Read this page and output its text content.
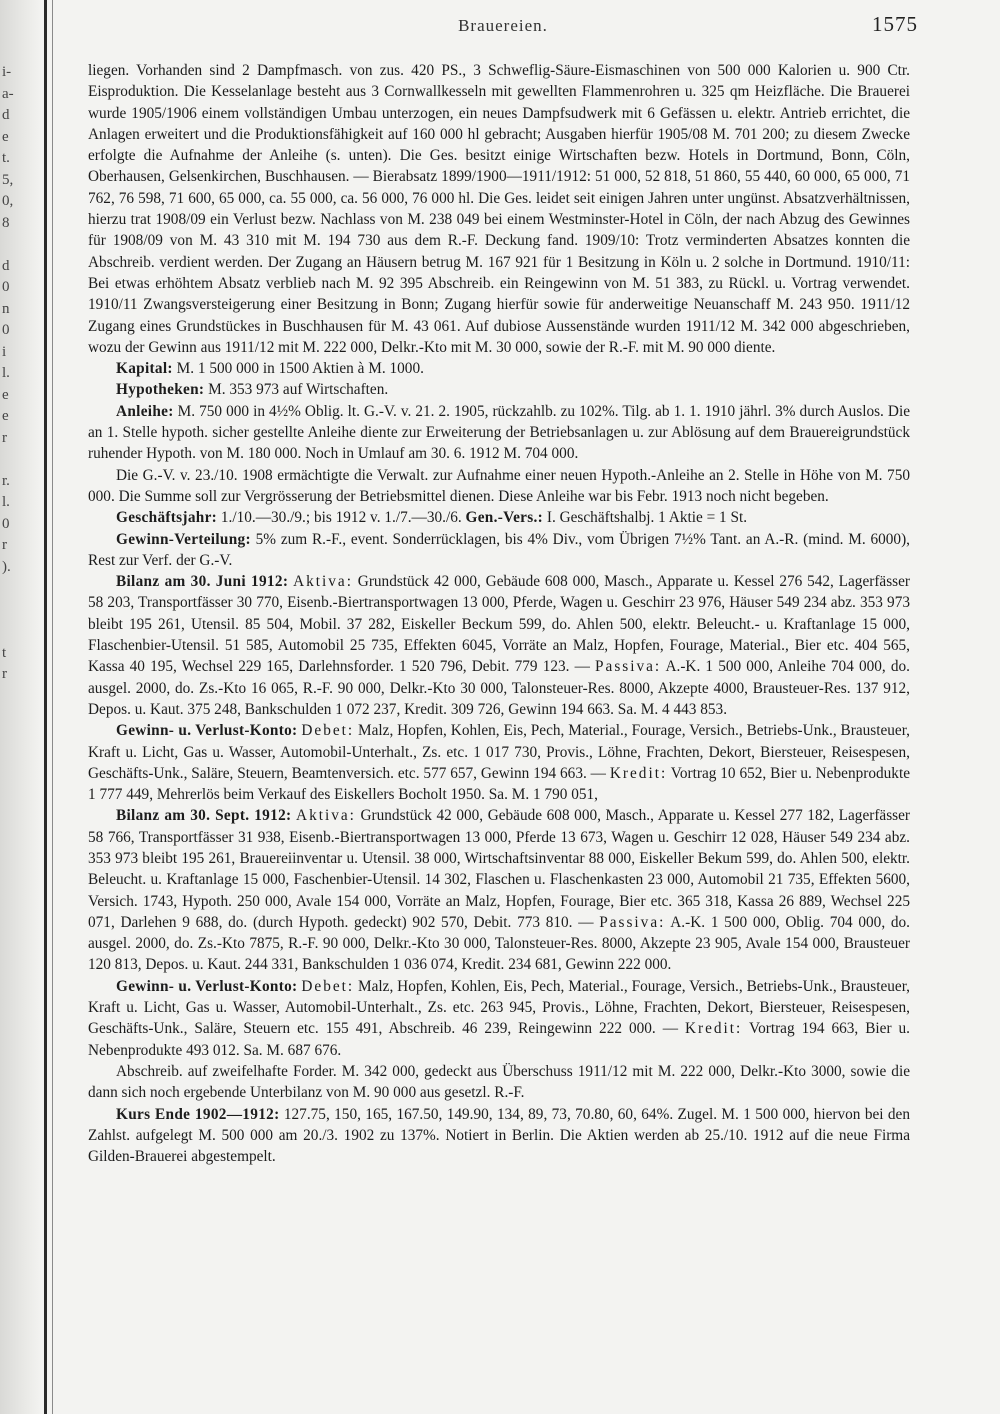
i-
a-
d
e
t.
5,
0,
8
d
0
n
0
i
l.
e
e
r
r.
l.
0
r
).
t
r
Brauereien.	1575

liegen. Vorhanden sind 2 Dampfmasch. von zus. 420 PS., 3 Schweflig-Säure-Eismaschinen von 500 000 Kalorien u. 900 Ctr. Eisproduktion. Die Kesselanlage besteht aus 3 Cornwallkesseln mit gewellten Flammenrohren u. 325 qm Heizfläche. Die Brauerei wurde 1905/1906 einem vollständigen Umbau unterzogen, ein neues Dampfsudwerk mit 6 Gefässen u. elektr. Antrieb errichtet, die Anlagen erweitert und die Produktionsfähigkeit auf 160 000 hl gebracht; Ausgaben hierfür 1905/08 M. 701 200; zu diesem Zwecke erfolgte die Aufnahme der Anleihe (s. unten). Die Ges. besitzt einige Wirtschaften bezw. Hotels in Dortmund, Bonn, Cöln, Oberhausen, Gelsenkirchen, Buschhausen. — Bierabsatz 1899/1900—1911/1912: 51 000, 52 818, 51 860, 55 440, 60 000, 65 000, 71 762, 76 598, 71 600, 65 000, ca. 55 000, ca. 56 000, 76 000 hl. Die Ges. leidet seit einigen Jahren unter ungünst. Absatzverhältnissen, hierzu trat 1908/09 ein Verlust bezw. Nachlass von M. 238 049 bei einem Westminster-Hotel in Cöln, der nach Abzug des Gewinnes für 1908/09 von M. 43 310 mit M. 194 730 aus dem R.-F. Deckung fand. 1909/10: Trotz verminderten Absatzes konnten die Abschreib. verdient werden. Der Zugang an Häusern betrug M. 167 921 für 1 Besitzung in Köln u. 2 solche in Dortmund. 1910/11: Bei etwas erhöhtem Absatz verblieb nach M. 92 395 Abschreib. ein Reingewinn von M. 51 383, zu Rückl. u. Vortrag verwendet. 1910/11 Zwangsversteigerung einer Besitzung in Bonn; Zugang hierfür sowie für anderweitige Neuanschaff M. 243 950. 1911/12 Zugang eines Grundstückes in Buschhausen für M. 43 061. Auf dubiose Aussenstände wurden 1911/12 M. 342 000 abgeschrieben, wozu der Gewinn aus 1911/12 mit M. 222 000, Delkr.-Kto mit M. 30 000, sowie der R.-F. mit M. 90 000 diente.

Kapital: M. 1 500 000 in 1500 Aktien à M. 1000.

Hypotheken: M. 353 973 auf Wirtschaften.

Anleihe: M. 750 000 in 4½% Oblig. lt. G.-V. v. 21. 2. 1905, rückzahlb. zu 102%. Tilg. ab 1. 1. 1910 jährl. 3% durch Auslos. Die an 1. Stelle hypoth. sicher gestellte Anleihe diente zur Erweiterung der Betriebsanlagen u. zur Ablösung auf dem Brauereigrundstück ruhender Hypoth. von M. 180 000. Noch in Umlauf am 30. 6. 1912 M. 704 000.

Die G.-V. v. 23./10. 1908 ermächtigte die Verwalt. zur Aufnahme einer neuen Hypoth.-Anleihe an 2. Stelle in Höhe von M. 750 000. Die Summe soll zur Vergrösserung der Betriebsmittel dienen. Diese Anleihe war bis Febr. 1913 noch nicht begeben.

Geschäftsjahr: 1./10.—30./9.; bis 1912 v. 1./7.—30./6. Gen.-Vers.: I. Geschäftshalbj. 1 Aktie = 1 St.

Gewinn-Verteilung: 5% zum R.-F., event. Sonderrücklagen, bis 4% Div., vom Übrigen 7½% Tant. an A.-R. (mind. M. 6000), Rest zur Verf. der G.-V.

Bilanz am 30. Juni 1912: Aktiva: Grundstück 42 000, Gebäude 608 000, Masch., Apparate u. Kessel 276 542, Lagerfässer 58 203, Transportfässer 30 770, Eisenb.-Biertransportwagen 13 000, Pferde, Wagen u. Geschirr 23 976, Häuser 549 234 abz. 353 973 bleibt 195 261, Utensil. 85 504, Mobil. 37 282, Eiskeller Beckum 599, do. Ahlen 500, elektr. Beleucht.- u. Kraftanlage 15 000, Flaschenbier-Utensil. 51 585, Automobil 25 735, Effekten 6045, Vorräte an Malz, Hopfen, Fourage, Material., Bier etc. 404 565, Kassa 40 195, Wechsel 229 165, Darlehnsforder. 1 520 796, Debit. 779 123. — Passiva: A.-K. 1 500 000, Anleihe 704 000, do. ausgel. 2000, do. Zs.-Kto 16 065, R.-F. 90 000, Delkr.-Kto 30 000, Talonsteuer-Res. 8000, Akzepte 4000, Brausteuer-Res. 137 912, Depos. u. Kaut. 375 248, Bankschulden 1 072 237, Kredit. 309 726, Gewinn 194 663. Sa. M. 4 443 853.

Gewinn- u. Verlust-Konto: Debet: Malz, Hopfen, Kohlen, Eis, Pech, Material., Fourage, Versich., Betriebs-Unk., Brausteuer, Kraft u. Licht, Gas u. Wasser, Automobil-Unterhalt., Zs. etc. 1 017 730, Provis., Löhne, Frachten, Dekort, Biersteuer, Reisespesen, Geschäfts-Unk., Saläre, Steuern, Beamtenversich. etc. 577 657, Gewinn 194 663. — Kredit: Vortrag 10 652, Bier u. Nebenprodukte 1 777 449, Mehrerlös beim Verkauf des Eiskellers Bocholt 1950. Sa. M. 1 790 051,

Bilanz am 30. Sept. 1912: Aktiva: Grundstück 42 000, Gebäude 608 000, Masch., Apparate u. Kessel 277 182, Lagerfässer 58 766, Transportfässer 31 938, Eisenb.-Biertransportwagen 13 000, Pferde 13 673, Wagen u. Geschirr 12 028, Häuser 549 234 abz. 353 973 bleibt 195 261, Brauereiinventar u. Utensil. 38 000, Wirtschaftsinventar 88 000, Eiskeller Bekum 599, do. Ahlen 500, elektr. Beleucht. u. Kraftanlage 15 000, Faschenbier-Utensil. 14 302, Flaschen u. Flaschenkasten 23 000, Automobil 21 735, Effekten 5600, Versich. 1743, Hypoth. 250 000, Avale 154 000, Vorräte an Malz, Hopfen, Fourage, Bier etc. 365 318, Kassa 26 889, Wechsel 225 071, Darlehen 9 688, do. (durch Hypoth. gedeckt) 902 570, Debit. 773 810. — Passiva: A.-K. 1 500 000, Oblig. 704 000, do. ausgel. 2000, do. Zs.-Kto 7875, R.-F. 90 000, Delkr.-Kto 30 000, Talonsteuer-Res. 8000, Akzepte 23 905, Avale 154 000, Brausteuer 120 813, Depos. u. Kaut. 244 331, Bankschulden 1 036 074, Kredit. 234 681, Gewinn 222 000.

Gewinn- u. Verlust-Konto: Debet: Malz, Hopfen, Kohlen, Eis, Pech, Material., Fourage, Versich., Betriebs-Unk., Brausteuer, Kraft u. Licht, Gas u. Wasser, Automobil-Unterhalt., Zs. etc. 263 945, Provis., Löhne, Frachten, Dekort, Biersteuer, Reisespesen, Geschäfts-Unk., Saläre, Steuern etc. 155 491, Abschreib. 46 239, Reingewinn 222 000. — Kredit: Vortrag 194 663, Bier u. Nebenprodukte 493 012. Sa. M. 687 676.

Abschreib. auf zweifelhafte Forder. M. 342 000, gedeckt aus Überschuss 1911/12 mit M. 222 000, Delkr.-Kto 3000, sowie die dann sich noch ergebende Unterbilanz von M. 90 000 aus gesetzl. R.-F.

Kurs Ende 1902—1912: 127.75, 150, 165, 167.50, 149.90, 134, 89, 73, 70.80, 60, 64%. Zugel. M. 1 500 000, hiervon bei den Zahlst. aufgelegt M. 500 000 am 20./3. 1902 zu 137%. Notiert in Berlin. Die Aktien werden ab 25./10. 1912 auf die neue Firma Gilden-Brauerei abgestempelt.
